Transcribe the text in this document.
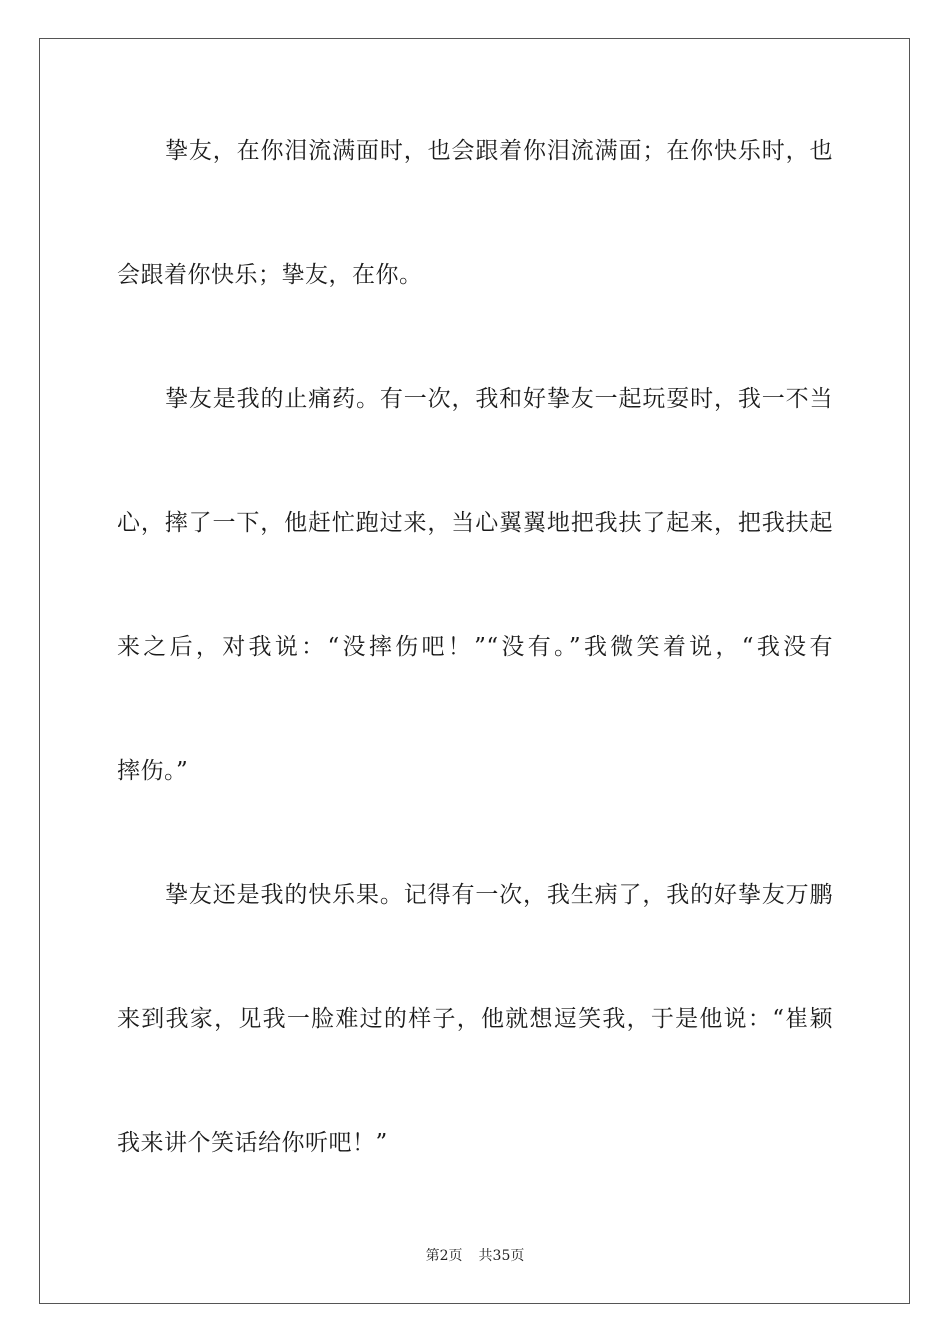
挚友，在你泪流满面时，也会跟着你泪流满面；在你快乐时，也
会跟着你快乐；挚友，在你。
挚友是我的止痛药。有一次，我和好挚友一起玩耍时，我一不当
心，摔了一下，他赶忙跑过来，当心翼翼地把我扶了起来，把我扶起
来之后，对我说：“没摔伤吧！”“没有。”我微笑着说，“我没有
摔伤。”
挚友还是我的快乐果。记得有一次，我生病了，我的好挚友万鹏
来到我家，见我一脸难过的样子，他就想逗笑我，于是他说：“崔颖
我来讲个笑话给你听吧！”
第2页 共35页
